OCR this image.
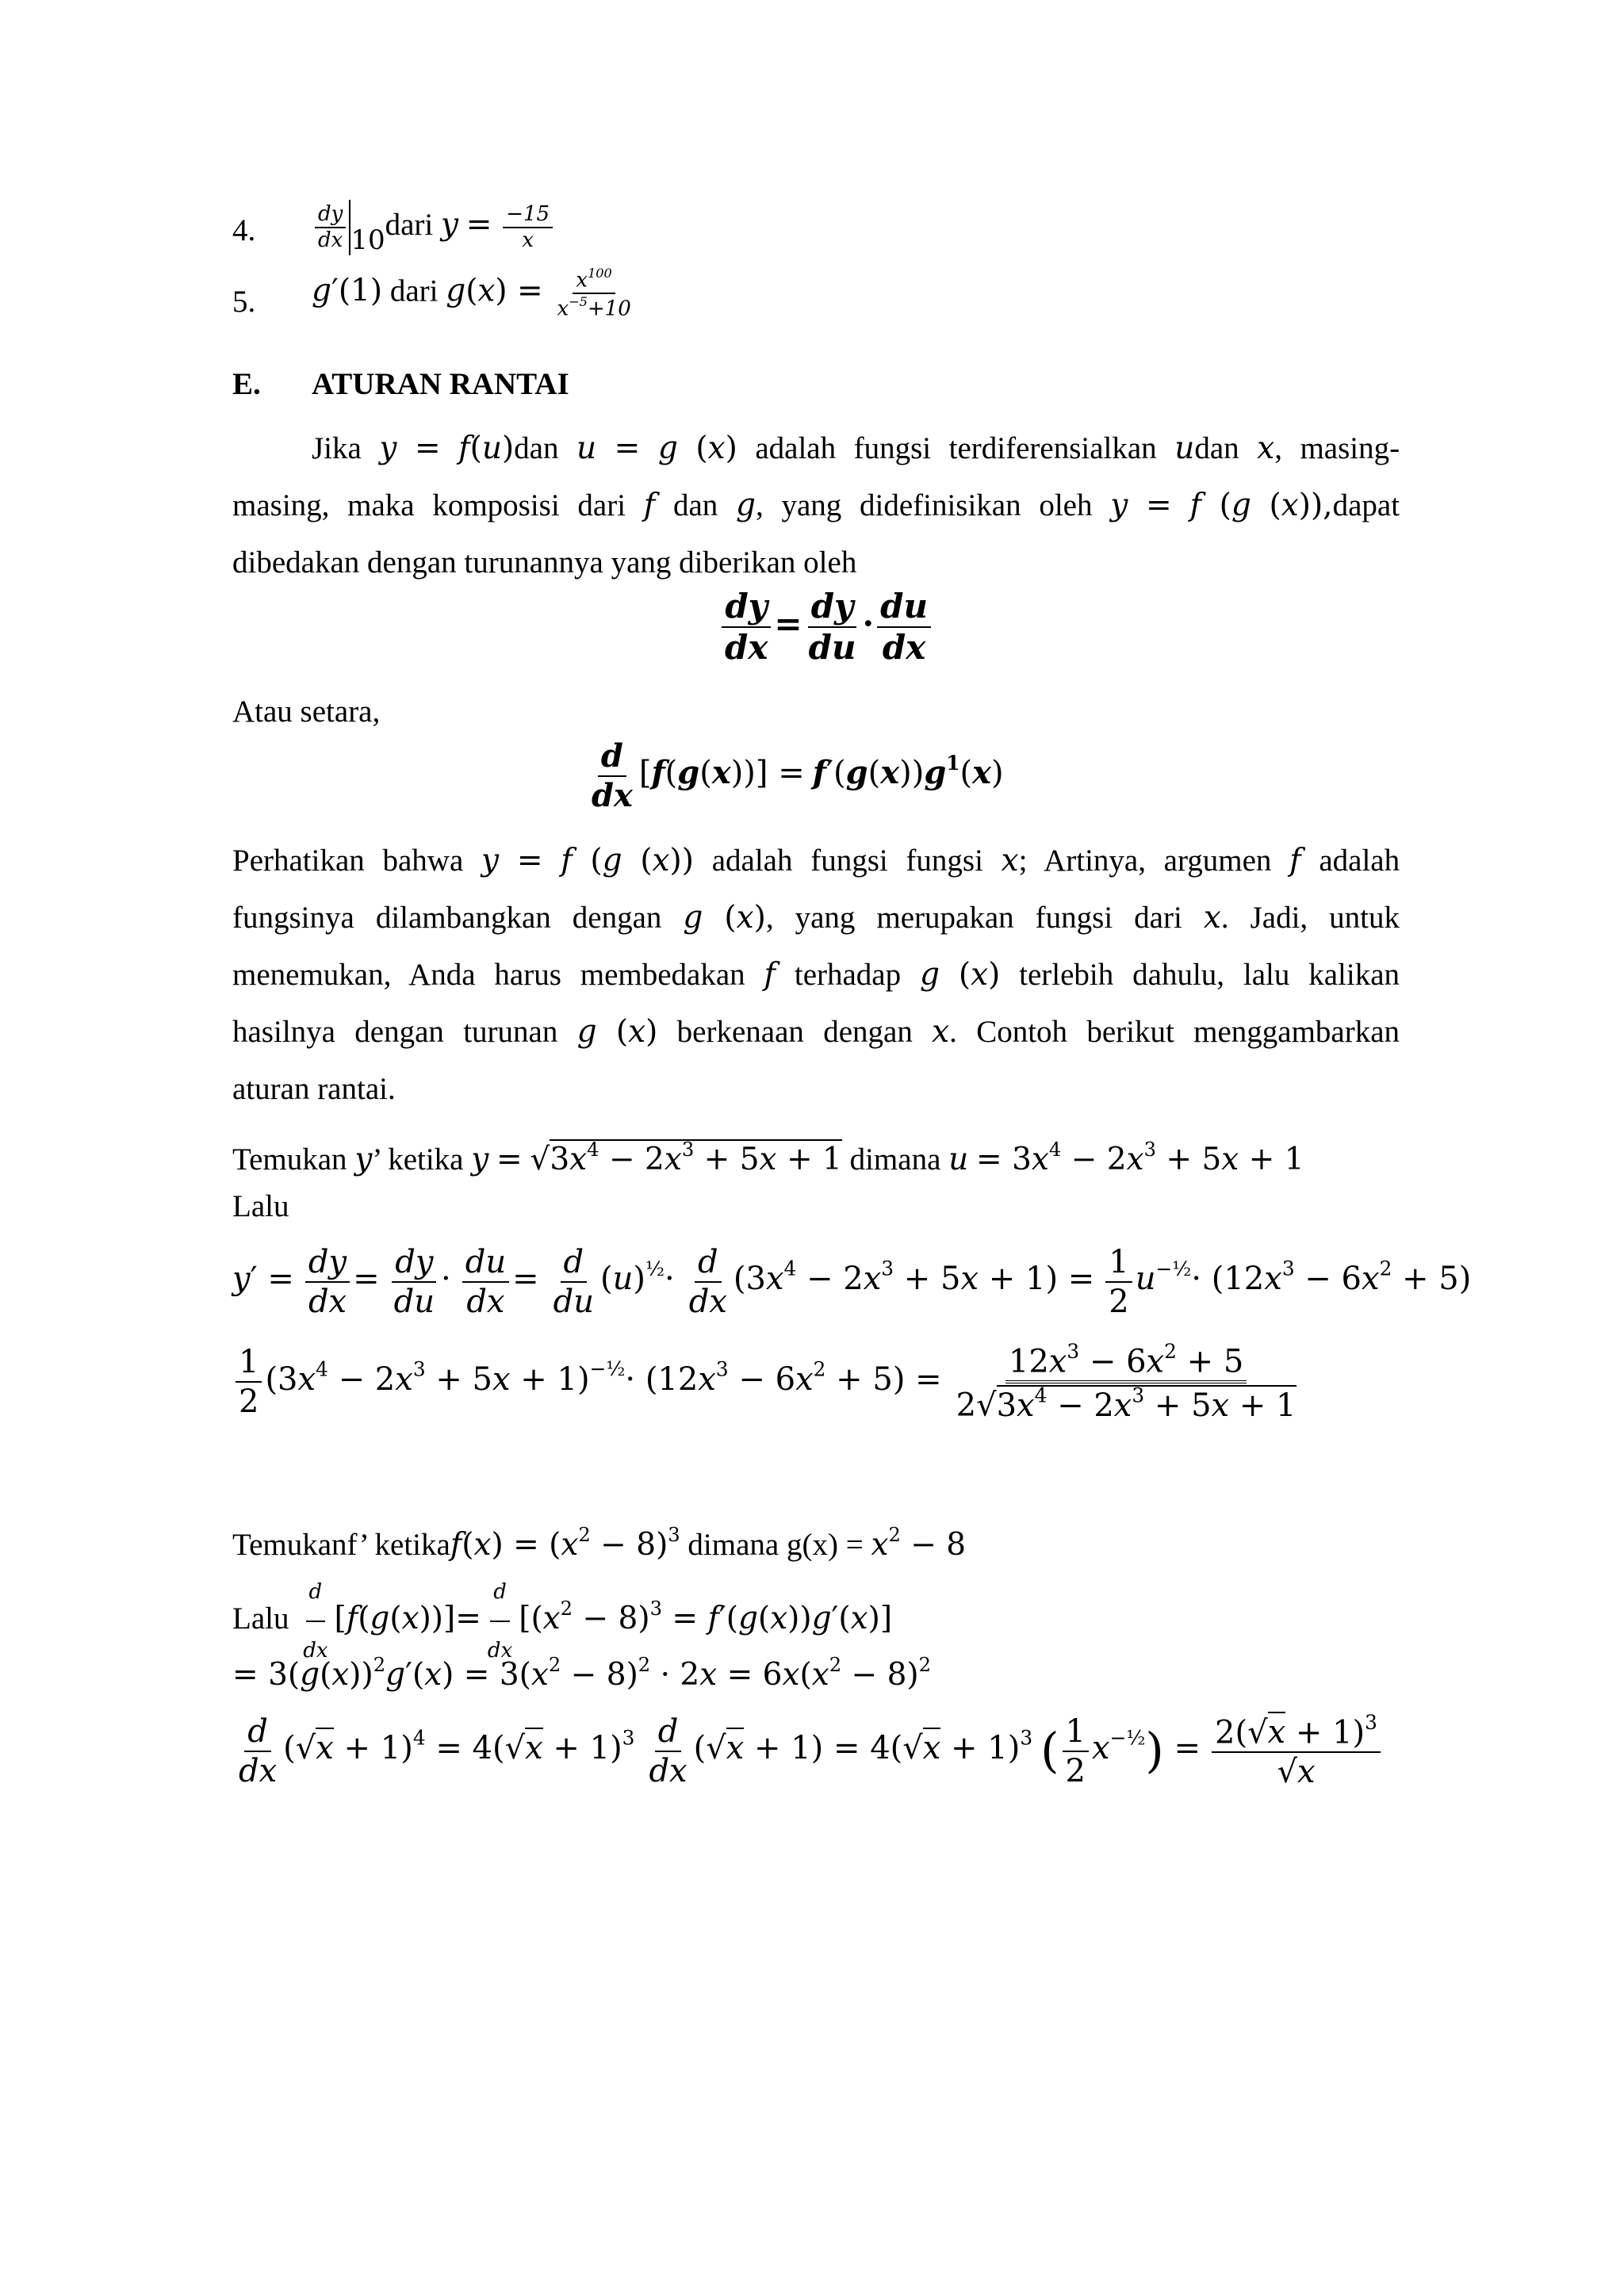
4.	$\frac{dy}{dx}$ 10dari $y = \frac{-15}{x}$
5. g′(1) dari $g(x) = \frac{x^{100}}{x^{-5}+10}$
E. ATURAN RANTAI
Jika y = f(u)dan u = g (x) adalah fungsi terdiferensialkan udan x, masing-
masing, maka komposisi dari f dan g, yang didefinisikan oleh y = f (g (x)),dapat
dibedakan dengan turunannya yang diberikan oleh
$\frac{dy}{dx} = \frac{dy}{du} \cdot \frac{du}{dx}$
Atau setara,
$\frac{d}{dx} [f(g(x))] = f'(g(x))g^1(x)$
Perhatikan bahwa y = f (g (x)) adalah fungsi fungsi x; Artinya, argumen f adalah
fungsinya dilambangkan dengan g (x), yang merupakan fungsi dari x. Jadi, untuk
menemukan, Anda harus membedakan f terhadap g (x) terlebih dahulu, lalu kalikan
hasilnya dengan turunan g (x) berkenaan dengan x. Contoh berikut menggambarkan
aturan rantai.
Temukan y’ ketika $y = √3x^4 - 2x^3 + 5x + 1$ dimana $u = 3x^4 - 2x^3 + 5x + 1$
Lalu
$y' = \frac{dy}{dx} = \frac{dy}{du} \cdot \frac{du}{dx} = \frac{d}{du} (u)^{\frac{1}{2}}\cdot \frac{d}{dx} (3x^4 - 2x^3 + 5x + 1) = \frac{1}{2} u^{-\frac{1}{2}}\cdot (12x^3 - 6x^2 + 5)$
$\frac{1}{2} (3x^4 - 2x^3 + 5x + 1)^{-\frac{1}{2}}\cdot (12x^3 - 6x^2 + 5) = \frac{12x^3 - 6x^2 + 5}{2√3x^4 - 2x^3 + 5x + 1}$
Temukanf’ ketikaf(x) = $(x^2 - 8)^3$ dimana $g(x) = x^2 - 8$
Lalu $\frac{d}{dx} [f(g(x))]= \frac{d}{dx} [(x^2 - 8)^3 = f'(g(x))g'(x)]$
= $3(g(x))^2g'(x) = 3(x^2 - 8)^2 \cdot 2x = 6x(x^2 - 8)^2$
$\frac{d}{dx} (√x + 1)^4 = 4(√x + 1)^3 \frac{d}{dx} (√x + 1) = 4(√x + 1)^3$ ( $\frac{1}{2} x^{-\frac{1}{2}}) = \frac{2(√x + 1)^3}{√x}$
